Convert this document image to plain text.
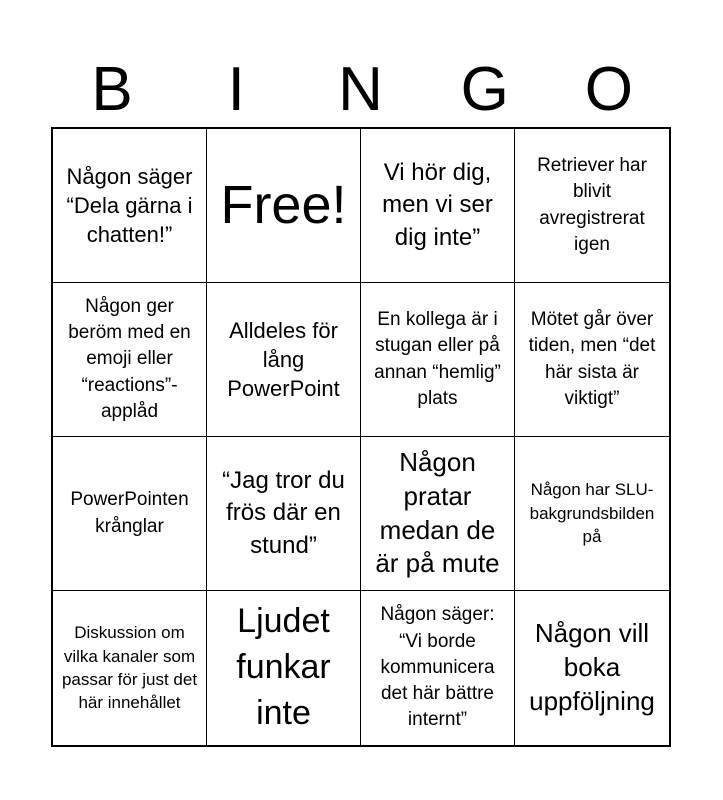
B	I	N	G	O
Någon säger “Dela gärna i chatten!” Free!
Vi hör dig, men vi ser dig inte”
Retriever har blivit avregistrerat igen
Någon ger beröm med en emoji eller “reactions”-applåd
Alldeles för lång PowerPoint
En kollega är i stugan eller på annan “hemlig” plats
Mötet går över tiden, men “det här sista är viktigt”
PowerPointen krånglar
“Jag tror du frös där en stund”
Någon pratar medan de är på mute
Någon har SLU-bakgrundsbilden på
Diskussion om vilka kanaler som passar för just det här innehållet
Ljudet funkar inte
Någon säger: “Vi borde kommunicera det här bättre internt”
Någon vill boka uppföljning
